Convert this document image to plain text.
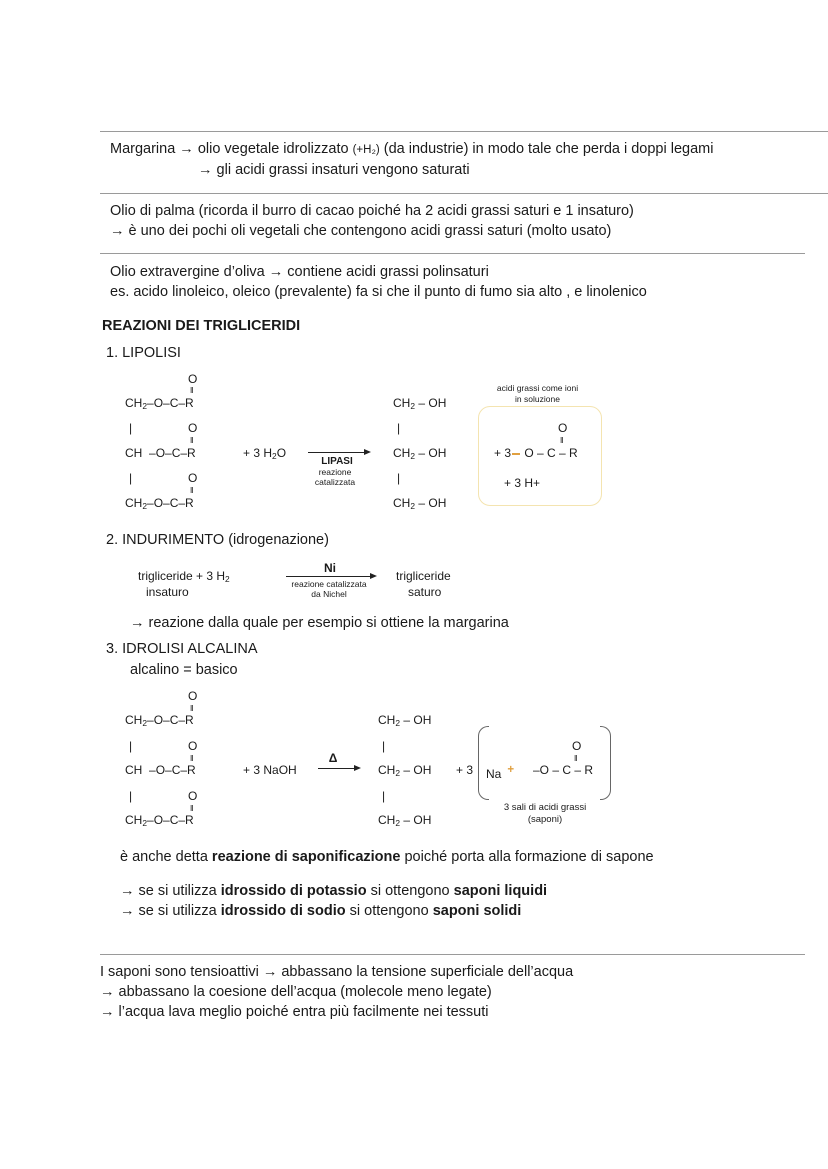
Margarina → olio vegetale idrolizzato (+H₂) (da industrie) in modo tale che perda i doppi legami
→ gli acidi grassi insaturi vengono saturati
Olio di palma (ricorda il burro di cacao poiché ha 2 acidi grassi saturi e 1 insaturo)
→ è uno dei pochi oli vegetali che contengono acidi grassi saturi (molto usato)
Olio extravergine d’oliva → contiene acidi grassi polinsaturi
es. acido linoleico, oleico (prevalente) fa si che il punto di fumo sia alto , e linolenico
REAZIONI DEI TRIGLICERIDI
1. LIPOLISI
O
II
$CH_2-O-C-R$
|	O
II
CH –O–C–R
|	O
II
$CH_2-O-C-R$
+ 3 $H_2O$
LIPASI
reazione
catalizzata
$CH_2$ – OH
|
$CH_2$ – OH
|
$CH_2$ – OH
acidi grassi come ioni
in soluzione
O
II
+ 3 O – C – R
+ 3 H+
2. INDURIMENTO (idrogenazione)
trigliceride + 3 $H_2$
insaturo
Ni
reazione catalizzata
da Nichel
trigliceride
saturo
→ reazione dalla quale per esempio si ottiene la margarina
3. IDROLISI ALCALINA
alcalino = basico
O
II
$CH_2-O-C-R$
|	O
II
CH –O–C–R
|	O
II
$CH_2-O-C-R$
+ 3 NaOH
Δ
$CH_2$ – OH
|
$CH_2$ – OH
|
$CH_2$ – OH
+ 3 Na +
O
II
–O – C – R
3 sali di acidi grassi
(saponi)
è anche detta reazione di saponificazione poiché porta alla formazione di sapone
→ se si utilizza idrossido di potassio si ottengono saponi liquidi
→ se si utilizza idrossido di sodio si ottengono saponi solidi
I saponi sono tensioattivi → abbassano la tensione superficiale dell’acqua
→ abbassano la coesione dell’acqua (molecole meno legate)
→ l’acqua lava meglio poiché entra più facilmente nei tessuti
